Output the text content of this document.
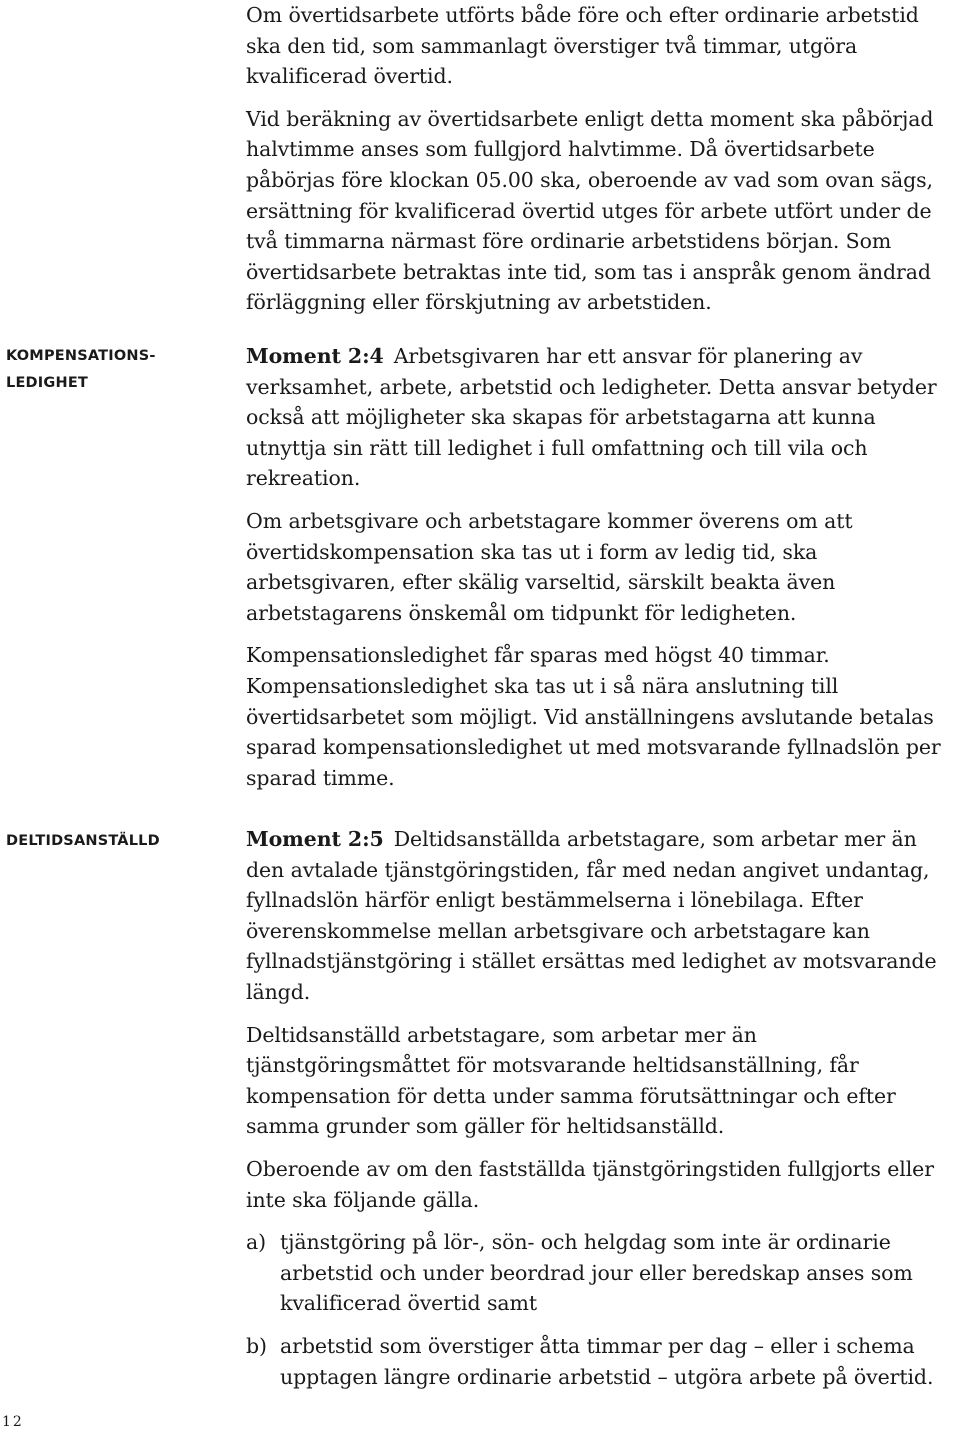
KOMPENSATIONS-
LEDIGHET
DELTIDSANSTÄLLD

Om övertidsarbete utförts både före och efter ordinarie arbetstid ska den tid, som sammanlagt överstiger två timmar, utgöra kvalificerad övertid.

Vid beräkning av övertidsarbete enligt detta moment ska påbörjad halvtimme anses som fullgjord halvtimme. Då övertidsarbete påbörjas före klockan 05.00 ska, oberoende av vad som ovan sägs, ersättning för kvalificerad övertid utges för arbete utfört under de två timmarna närmast före ordinarie arbetstidens början. Som övertidsarbete betraktas inte tid, som tas i anspråk genom ändrad förläggning eller förskjutning av arbetstiden.

Moment 2:4 Arbetsgivaren har ett ansvar för planering av verksamhet, arbete, arbetstid och ledigheter. Detta ansvar betyder också att möjligheter ska skapas för arbetstagarna att kunna utnyttja sin rätt till ledighet i full omfattning och till vila och rekreation.

Om arbetsgivare och arbetstagare kommer överens om att övertidskompensation ska tas ut i form av ledig tid, ska arbetsgivaren, efter skälig varseltid, särskilt beakta även arbetstagarens önskemål om tidpunkt för ledigheten.

Kompensationsledighet får sparas med högst 40 timmar. Kompensationsledighet ska tas ut i så nära anslutning till övertidsarbetet som möjligt. Vid anställningens avslutande betalas sparad kompensationsledighet ut med motsvarande fyllnadslön per sparad timme.

Moment 2:5 Deltidsanställda arbetstagare, som arbetar mer än den avtalade tjänstgöringstiden, får med nedan angivet undantag, fyllnadslön härför enligt bestämmelserna i lönebilaga. Efter överenskommelse mellan arbetsgivare och arbetstagare kan fyllnadstjänstgöring i stället ersättas med ledighet av motsvarande längd.

Deltidsanställd arbetstagare, som arbetar mer än tjänstgöringsmåttet för motsvarande heltidsanställning, får kompensation för detta under samma förutsättningar och efter samma grunder som gäller för heltidsanställd.

Oberoende av om den fastställda tjänstgöringstiden fullgjorts eller inte ska följande gälla.

a) tjänstgöring på lör-, sön- och helgdag som inte är ordinarie arbetstid och under beordrad jour eller beredskap anses som kvalificerad övertid samt
b) arbetstid som överstiger åtta timmar per dag – eller i schema upptagen längre ordinarie arbetstid – utgöra arbete på övertid.
12
